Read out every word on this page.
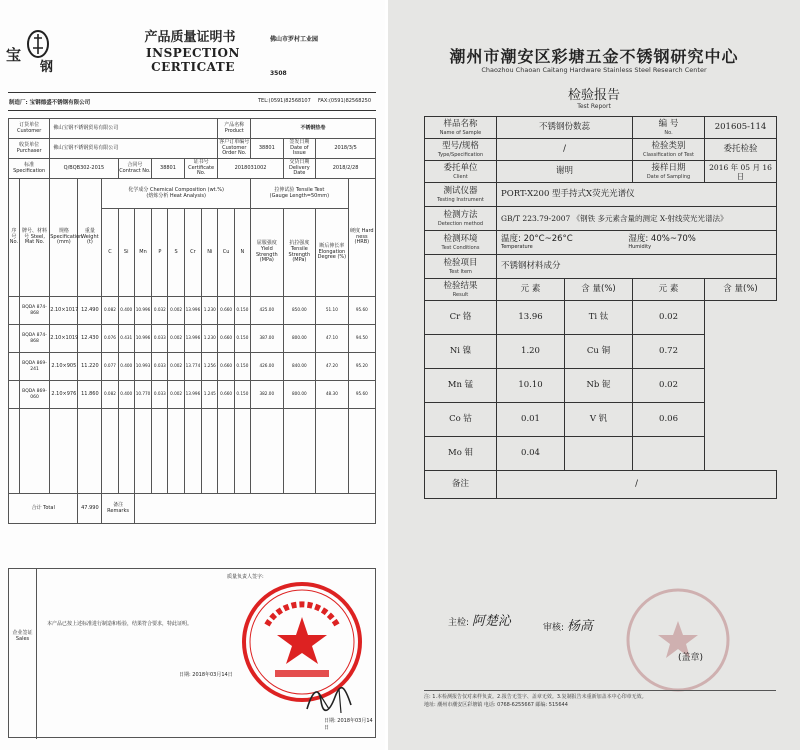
宝
钢
产品质量证明书
INSPECTION CERTICATE
佛山市罗村工业园
3508
制造厂: 宝钢德盛不锈钢有限公司	TEL:(0591)82568107 FAX:(0591)82568250
订货单位
Customer		佛山宝钢不锈钢贸易有限公司									产品名称
Product		不锈钢热卷			
收货单位
Purchaser		佛山宝钢不锈钢贸易有限公司									客户订单编号
Customer Order No.		38801	签发日期
Date of Issue	2018/3/5	
标准
Specification		Q/BQB302-2015			合同号
Contract No.		38801		证书号
Certificate No.		2018031002			交货日期
Delivery Date	2018/2/28	
序号 No.	牌号、材料号 Steel, Mat No.	规格 Specification (mm)	重量 Weight (t)	化学成分 Chemical Composition (wt.%)
(熔炼分析 Heat Analysis)									拉伸试验 Tensile Test
(Gauge Length=50mm)			硬度 Hard ness (HRB)
				C	Si	Mn	P	S	Cr	Ni	Cu	N	屈服强度 Yield Strength (MPa)	抗拉强度 Tensile Strength (MPa)	断后伸长率 Elongation Degree (%)	
	BQDA 874-868	2.10×1017	12.490	0.082	0.400	10.996	0.032	0.002	13.996	1.230	0.660	0.150	425.00	850.00	51.10	95.60
	BQDA 874-868	2.10×1019	12.430	0.076	0.431	10.996	0.033	0.002	13.996	1.230	0.660	0.150	387.00	800.00	47.10	94.50
	BQDA 869-241	2.10×905	11.220	0.077	0.400	10.993	0.033	0.002	13.774	1.256	0.660	0.150	426.00	840.00	47.20	95.20
	BQDA 869-060	2.10×976	11.860	0.082	0.400	10.770	0.033	0.002	13.996	1.245	0.660	0.150	382.00	800.00	48.30	95.60

合计 Total			47.990	备注 Remarks												
企业签证 Sales
本产品已按上述标准进行制造和检验，结果符合要求，特此证明。
日期: 2018年03月14日
质量负责人签字:
日期: 2018年03月14日
潮州市潮安区彩塘五金不锈钢研究中心
Chaozhou Chaoan Caitang Hardware Stainless Steel Research Center
检验报告
Test Report
样品名称
Name of Sample	不锈钢份数蕊		编 号
No.	201605-114
型号/规格
Type/Specification	/		检验类别
Classification of Test	委托检验
委托单位
Client	谢明		接样日期
Date of Sampling	2016 年 05 月 16 日
测试仪器
Testing Instrument	PORT-X200 型手持式X荧光光谱仪			
检测方法
Detection method	GB/T 223.79-2007 《钢铁 多元素含量的测定 X-射线荧光光谱法》			
检测环境
Test Conditions	温度: 20°C~26°C
Temperature
湿度: 40%~70%
Humidity			

检验项目
Test Item	不锈钢材料成分			
检验结果
Result	元 素	含 量(%)	元 素	含 量(%)
Cr 铬	13.96	Ti 钛	0.02	
Ni 镍	1.20	Cu 铜	0.72	
Mn 锰	10.10	Nb 铌	0.02	
Co 钴	0.01	V 钒	0.06	
Mo 钼	0.04			
备注	/			
主检: 阿楚沁	审核: 杨高
(盖章)
注: 1.本检测报告仅对来样负责。2.报告无签字、盖章无效。3.复制报告未重新加盖本中心印章无效。
地址: 潮州市潮安区彩塘镇 电话: 0768-6255667 邮编: 515644
